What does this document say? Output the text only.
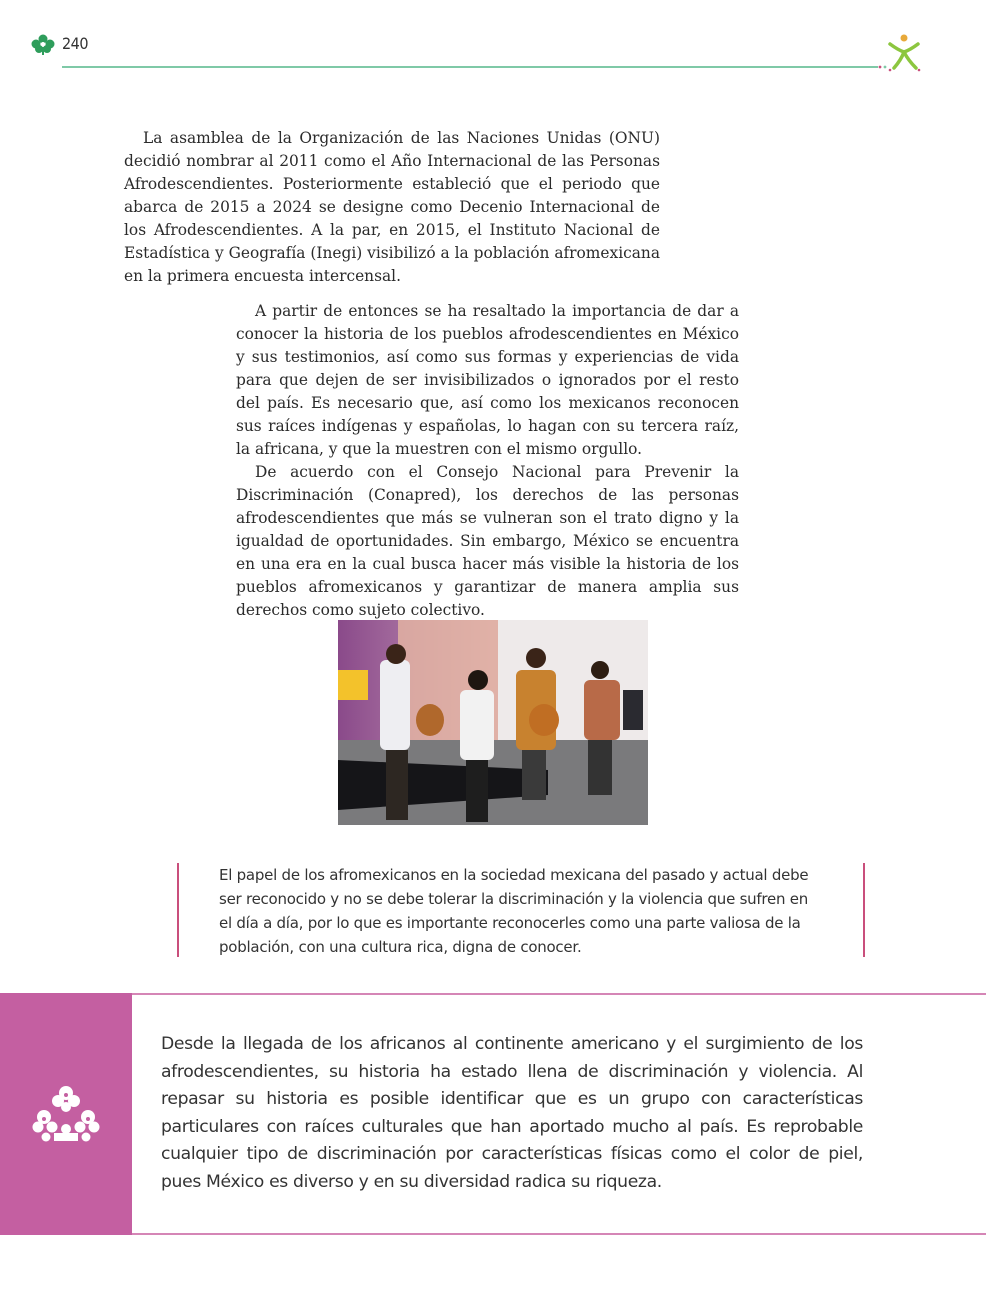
240

La asamblea de la Organización de las Naciones Unidas (ONU) decidió nombrar al 2011 como el Año Internacional de las Personas Afrodescendientes. Posteriormente estableció que el periodo que abarca de 2015 a 2024 se designe como Decenio Internacional de los Afrodescendientes. A la par, en 2015, el Instituto Nacional de Estadística y Geografía (Inegi) visibilizó a la población afromexicana en la primera encuesta intercensal.

A partir de entonces se ha resaltado la importancia de dar a conocer la historia de los pueblos afrodescendientes en México y sus testimonios, así como sus formas y experiencias de vida para que dejen de ser invisibilizados o ignorados por el resto del país. Es necesario que, así como los mexicanos reconocen sus raíces indígenas y españolas, lo hagan con su tercera raíz, la africana, y que la muestren con el mismo orgullo.

De acuerdo con el Consejo Nacional para Prevenir la Discriminación (Conapred), los derechos de las personas afrodescendientes que más se vulneran son el trato digno y la igualdad de oportunidades. Sin embargo, México se encuentra en una era en la cual busca hacer más visible la historia de los pueblos afromexicanos y garantizar de manera amplia sus derechos como sujeto colectivo.

El papel de los afromexicanos en la sociedad mexicana del pasado y actual debe ser reconocido y no se debe tolerar la discriminación y la violencia que sufren en el día a día, por lo que es importante reconocerles como una parte valiosa de la población, con una cultura rica, digna de conocer.

Desde la llegada de los africanos al continente americano y el surgimiento de los afrodescendientes, su historia ha estado llena de discriminación y violencia. Al repasar su historia es posible identificar que es un grupo con características particulares con raíces culturales que han aportado mucho al país. Es reprobable cualquier tipo de discriminación por características físicas como el color de piel, pues México es diverso y en su diversidad radica su riqueza.
